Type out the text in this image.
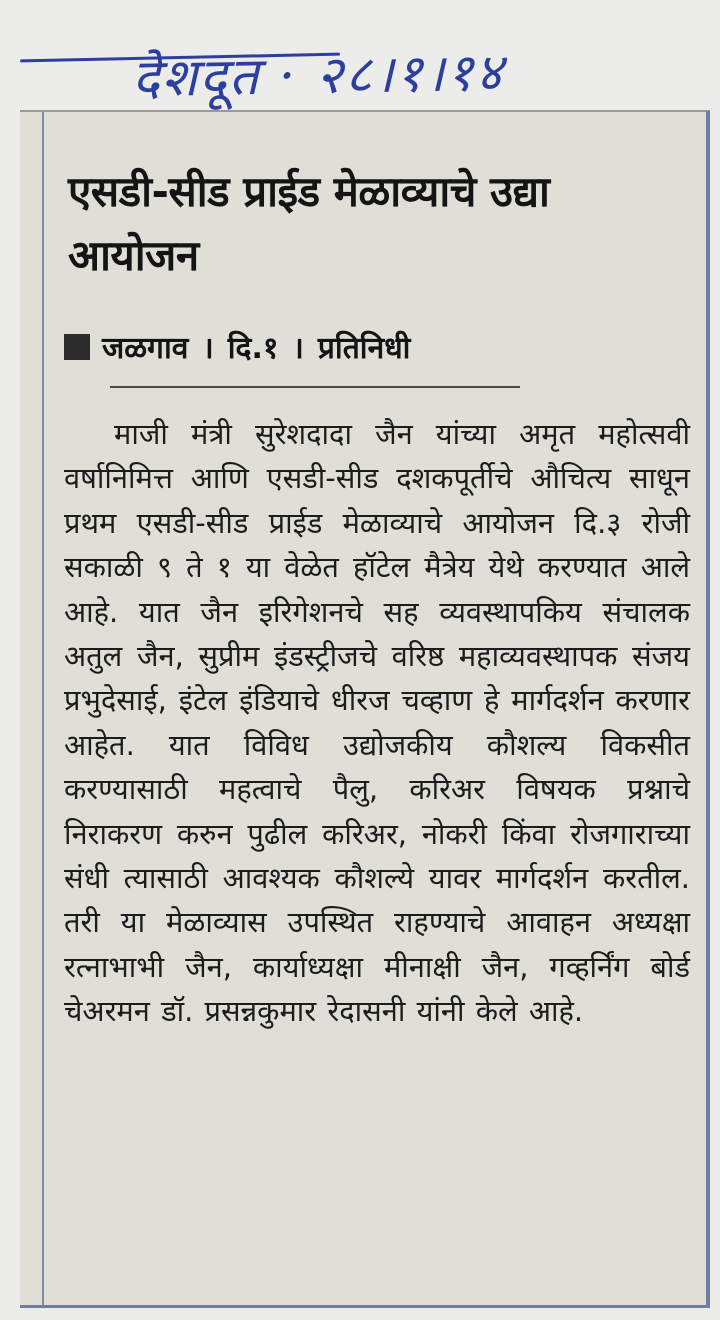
देशदूत · २८।१।१४
एसडी-सीड प्राईड मेळाव्याचे उद्या आयोजन
जळगाव । दि.१ । प्रतिनिधी

माजी मंत्री सुरेशदादा जैन यांच्या अमृत महोत्सवी वर्षानिमित्त आणि एसडी-सीड दशकपूर्तीचे औचित्य साधून प्रथम एसडी-सीड प्राईड मेळाव्याचे आयोजन दि.३ रोजी सकाळी ९ ते १ या वेळेत हॉटेल मैत्रेय येथे करण्यात आले आहे. यात जैन इरिगेशनचे सह व्यवस्थापकिय संचालक अतुल जैन, सुप्रीम इंडस्ट्रीजचे वरिष्ठ महाव्यवस्थापक संजय प्रभुदेसाई, इंटेल इंडियाचे धीरज चव्हाण हे मार्गदर्शन करणार आहेत. यात विविध उद्योजकीय कौशल्य विकसीत करण्यासाठी महत्वाचे पैलु, करिअर विषयक प्रश्नाचे निराकरण करुन पुढील करिअर, नोकरी किंवा रोजगाराच्या संधी त्यासाठी आवश्यक कौशल्ये यावर मार्गदर्शन करतील. तरी या मेळाव्यास उपस्थित राहण्याचे आवाहन अध्यक्षा रत्नाभाभी जैन, कार्याध्यक्षा मीनाक्षी जैन, गव्हर्निंग बोर्ड चेअरमन डॉ. प्रसन्नकुमार रेदासनी यांनी केले आहे.
